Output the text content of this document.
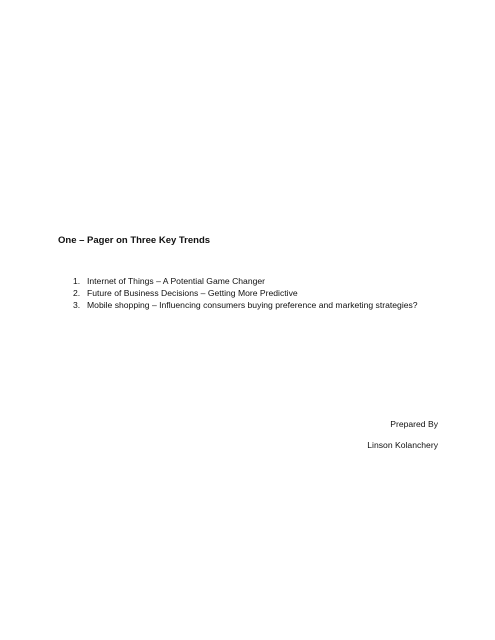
One – Pager on Three Key Trends
1. Internet of Things – A Potential Game Changer
2. Future of Business Decisions – Getting More Predictive
3. Mobile shopping – Influencing consumers buying preference and marketing strategies?
Prepared By
Linson Kolanchery
